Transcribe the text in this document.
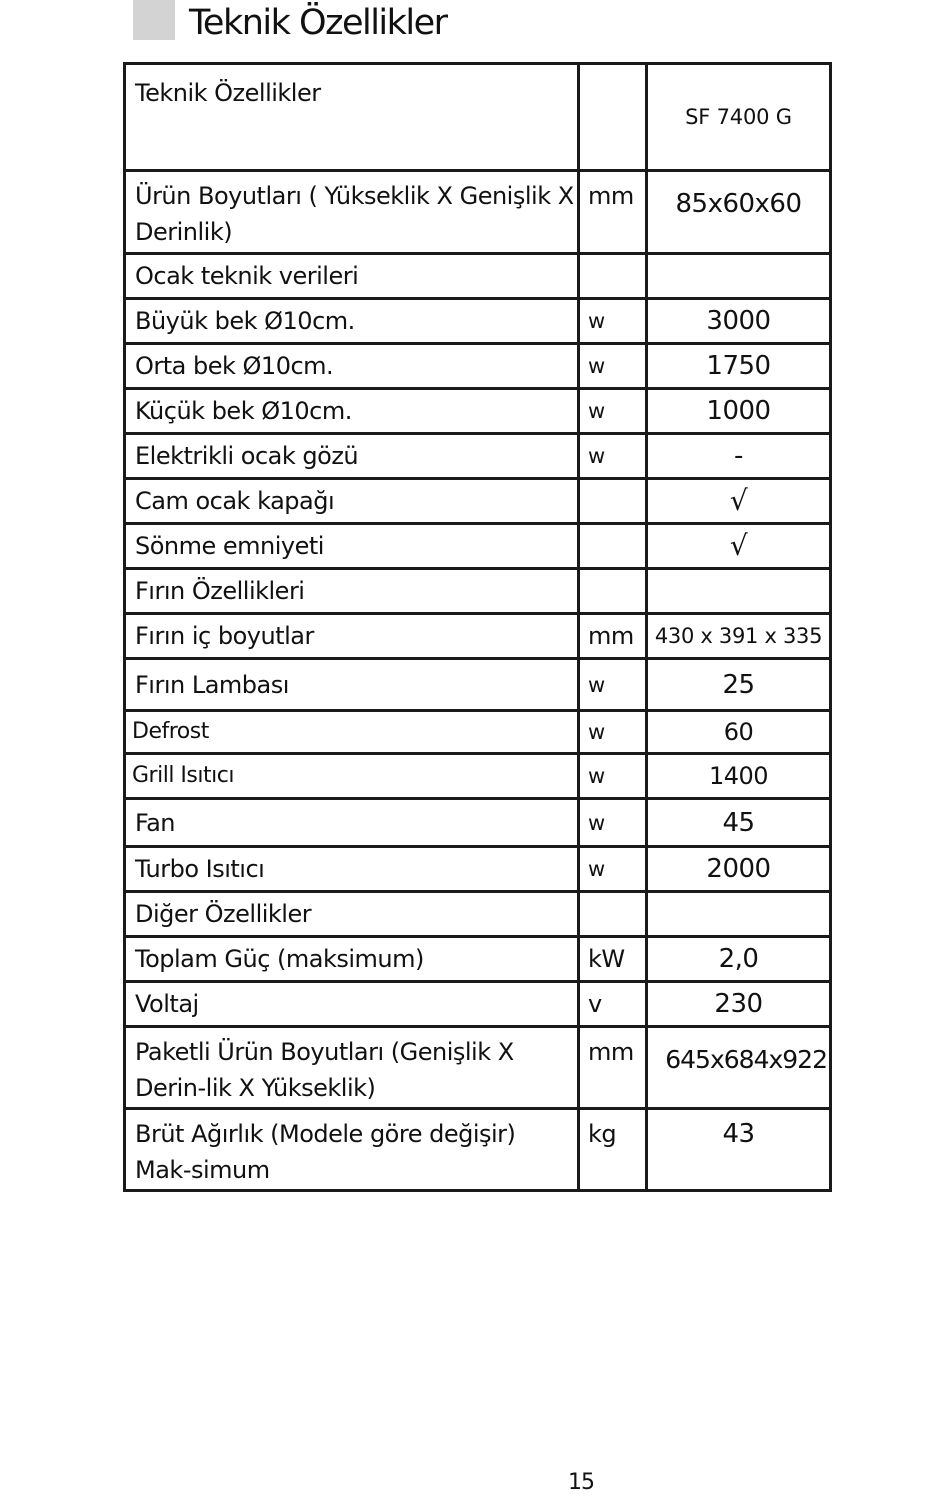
Teknik Özellikler
Teknik Özellikler		SF 7400 G
Ürün Boyutları ( Yükseklik X Genişlik X Derinlik)	mm	85x60x60
Ocak teknik verileri		
Büyük bek Ø10cm.	w	3000
Orta bek Ø10cm.	w	1750
Küçük bek Ø10cm.	w	1000
Elektrikli ocak gözü	w	-
Cam ocak kapağı		√
Sönme emniyeti		√
Fırın Özellikleri		
Fırın iç boyutlar	mm	430 x 391 x 335
Fırın Lambası	w	25
Defrost	w	60
Grill Isıtıcı	w	1400
Fan	w	45
Turbo Isıtıcı	w	2000
Diğer Özellikler		
Toplam Güç (maksimum)	kW	2,0
Voltaj	v	230
Paketli Ürün Boyutları (Genişlik X Derin-lik X Yükseklik)	mm	645x684x922
Brüt Ağırlık (Modele göre değişir) Mak-simum	kg	43
15
